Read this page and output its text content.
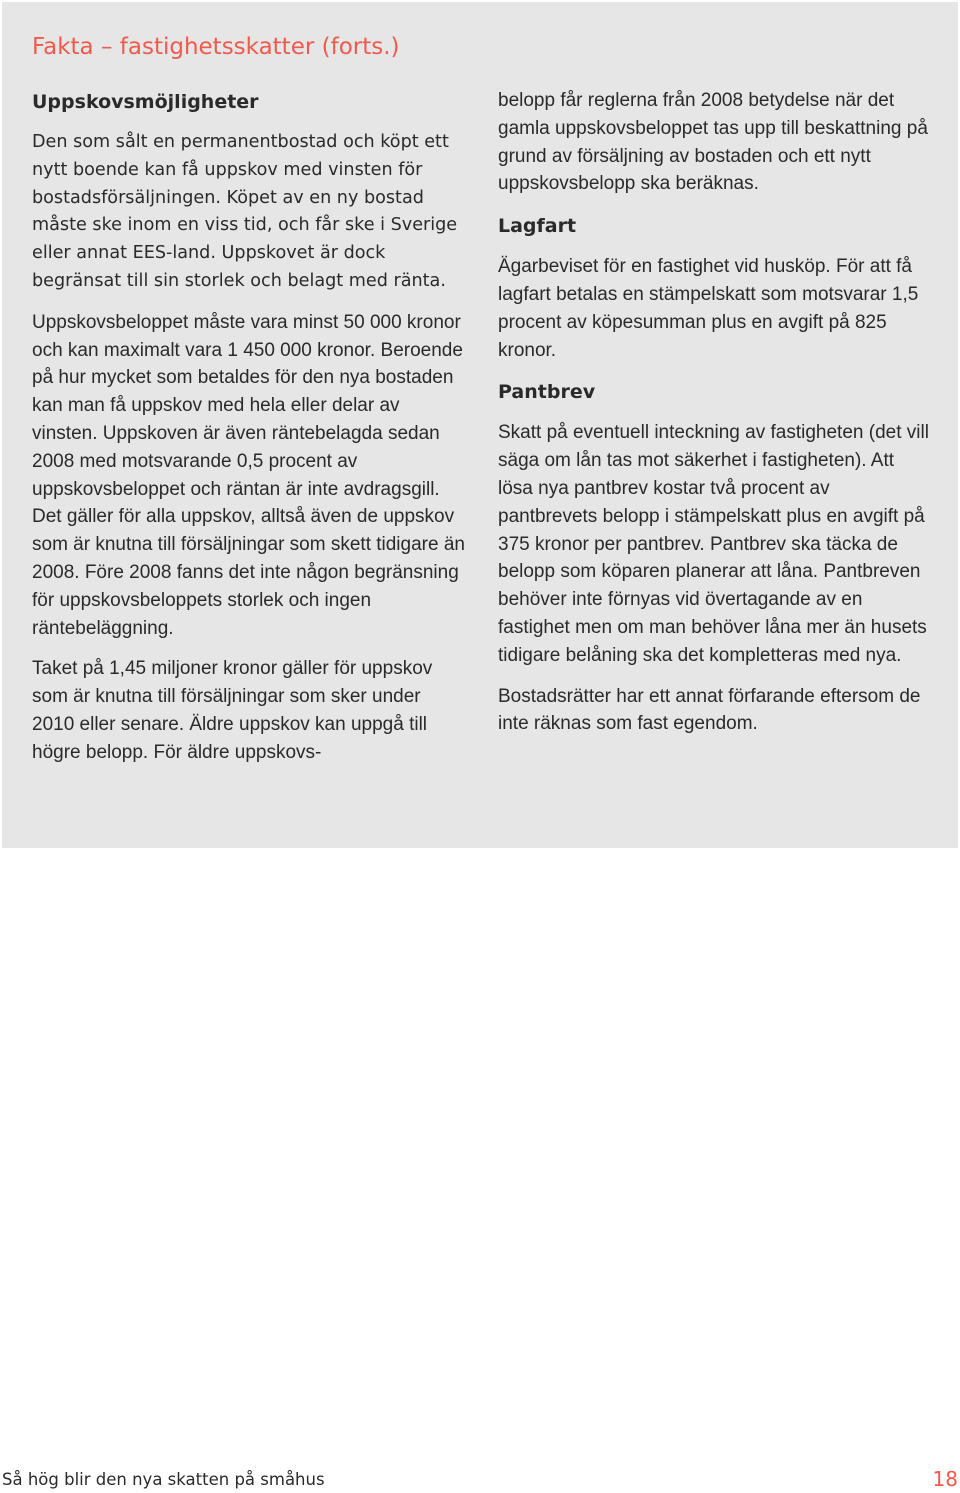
Fakta – fastighetsskatter (forts.)
Uppskovsmöjligheter

Den som sålt en permanentbostad och köpt ett nytt boende kan få uppskov med vinsten för bostadsförsäljningen. Köpet av en ny bostad måste ske inom en viss tid, och får ske i Sverige eller annat EES-land. Uppskovet är dock begränsat till sin storlek och belagt med ränta.

Uppskovsbeloppet måste vara minst 50 000 kronor och kan maximalt vara 1 450 000 kronor. Beroende på hur mycket som betaldes för den nya bostaden kan man få uppskov med hela eller delar av vinsten. Uppskoven är även räntebelagda sedan 2008 med motsvarande 0,5 procent av uppskovsbeloppet och räntan är inte avdragsgill. Det gäller för alla uppskov, alltså även de uppskov som är knutna till försäljningar som skett tidigare än 2008. Före 2008 fanns det inte någon begränsning för uppskovsbeloppets storlek och ingen räntebeläggning.

Taket på 1,45 miljoner kronor gäller för uppskov som är knutna till försäljningar som sker under 2010 eller senare. Äldre uppskov kan uppgå till högre belopp. För äldre uppskovs-

belopp får reglerna från 2008 betydelse när det gamla uppskovsbeloppet tas upp till beskattning på grund av försäljning av bostaden och ett nytt uppskovsbelopp ska beräknas.

Lagfart

Ägarbeviset för en fastighet vid husköp. För att få lagfart betalas en stämpelskatt som motsvarar 1,5 procent av köpesumman plus en avgift på 825 kronor.

Pantbrev

Skatt på eventuell inteckning av fastigheten (det vill säga om lån tas mot säkerhet i fastigheten). Att lösa nya pantbrev kostar två procent av pantbrevets belopp i stämpelskatt plus en avgift på 375 kronor per pantbrev. Pantbrev ska täcka de belopp som köparen planerar att låna. Pantbreven behöver inte förnyas vid övertagande av en fastighet men om man behöver låna mer än husets tidigare belåning ska det kompletteras med nya.

Bostadsrätter har ett annat förfarande eftersom de inte räknas som fast egendom.

Så hög blir den nya skatten på småhus	18
